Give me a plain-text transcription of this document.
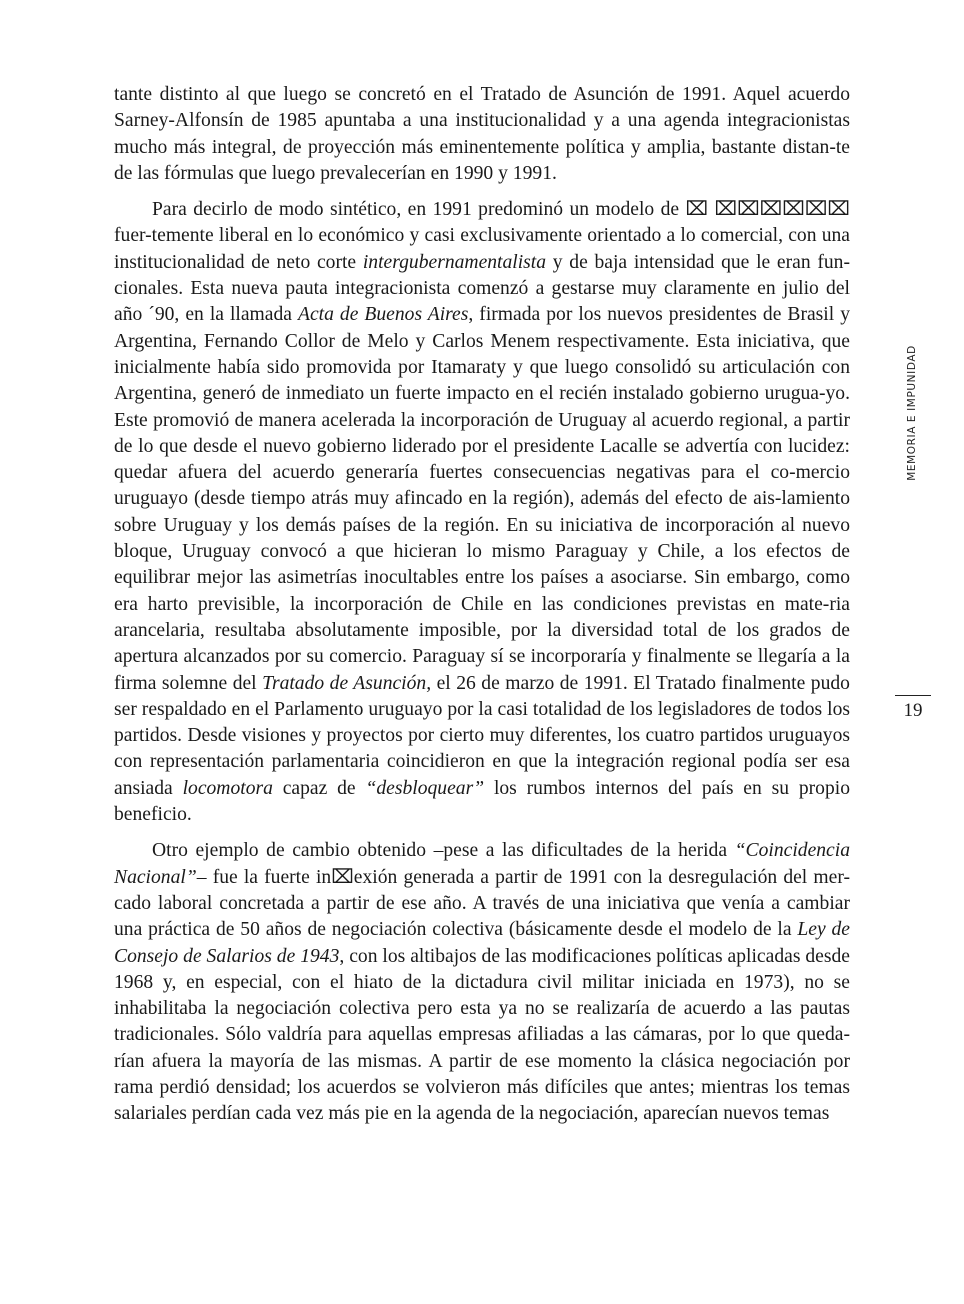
tante distinto al que luego se concretó en el Tratado de Asunción de 1991. Aquel acuerdo Sarney-Alfonsín de 1985 apuntaba a una institucionalidad y a una agenda integracionistas mucho más integral, de proyección más eminentemente política y amplia, bastante distan-te de las fórmulas que luego prevalecerían en 1990 y 1991.

Para decirlo de modo sintético, en 1991 predominó un modelo de ⌧ ⌧⌧⌧⌧⌧⌧ fuer-temente liberal en lo económico y casi exclusivamente orientado a lo comercial, con una institucionalidad de neto corte intergubernamentalista y de baja intensidad que le eran fun-cionales. Esta nueva pauta integracionista comenzó a gestarse muy claramente en julio del año ´90, en la llamada Acta de Buenos Aires, firmada por los nuevos presidentes de Brasil y Argentina, Fernando Collor de Melo y Carlos Menem respectivamente. Esta iniciativa, que inicialmente había sido promovida por Itamaraty y que luego consolidó su articulación con Argentina, generó de inmediato un fuerte impacto en el recién instalado gobierno urugua-yo. Este promovió de manera acelerada la incorporación de Uruguay al acuerdo regional, a partir de lo que desde el nuevo gobierno liderado por el presidente Lacalle se advertía con lucidez: quedar afuera del acuerdo generaría fuertes consecuencias negativas para el co-mercio uruguayo (desde tiempo atrás muy afincado en la región), además del efecto de ais-lamiento sobre Uruguay y los demás países de la región. En su iniciativa de incorporación al nuevo bloque, Uruguay convocó a que hicieran lo mismo Paraguay y Chile, a los efectos de equilibrar mejor las asimetrías inocultables entre los países a asociarse. Sin embargo, como era harto previsible, la incorporación de Chile en las condiciones previstas en mate-ria arancelaria, resultaba absolutamente imposible, por la diversidad total de los grados de apertura alcanzados por su comercio. Paraguay sí se incorporaría y finalmente se llegaría a la firma solemne del Tratado de Asunción, el 26 de marzo de 1991. El Tratado finalmente pudo ser respaldado en el Parlamento uruguayo por la casi totalidad de los legisladores de todos los partidos. Desde visiones y proyectos por cierto muy diferentes, los cuatro partidos uruguayos con representación parlamentaria coincidieron en que la integración regional podía ser esa ansiada locomotora capaz de “desbloquear” los rumbos internos del país en su propio beneficio.

Otro ejemplo de cambio obtenido –pese a las dificultades de la herida “Coincidencia Nacional”– fue la fuerte in⌧exión generada a partir de 1991 con la desregulación del mer-cado laboral concretada a partir de ese año. A través de una iniciativa que venía a cambiar una práctica de 50 años de negociación colectiva (básicamente desde el modelo de la Ley de Consejo de Salarios de 1943, con los altibajos de las modificaciones políticas aplicadas desde 1968 y, en especial, con el hiato de la dictadura civil militar iniciada en 1973), no se inhabilitaba la negociación colectiva pero esta ya no se realizaría de acuerdo a las pautas tradicionales. Sólo valdría para aquellas empresas afiliadas a las cámaras, por lo que queda-rían afuera la mayoría de las mismas. A partir de ese momento la clásica negociación por rama perdió densidad; los acuerdos se volvieron más difíciles que antes; mientras los temas salariales perdían cada vez más pie en la agenda de la negociación, aparecían nuevos temas

MEMORIA E IMPUNIDAD
19
